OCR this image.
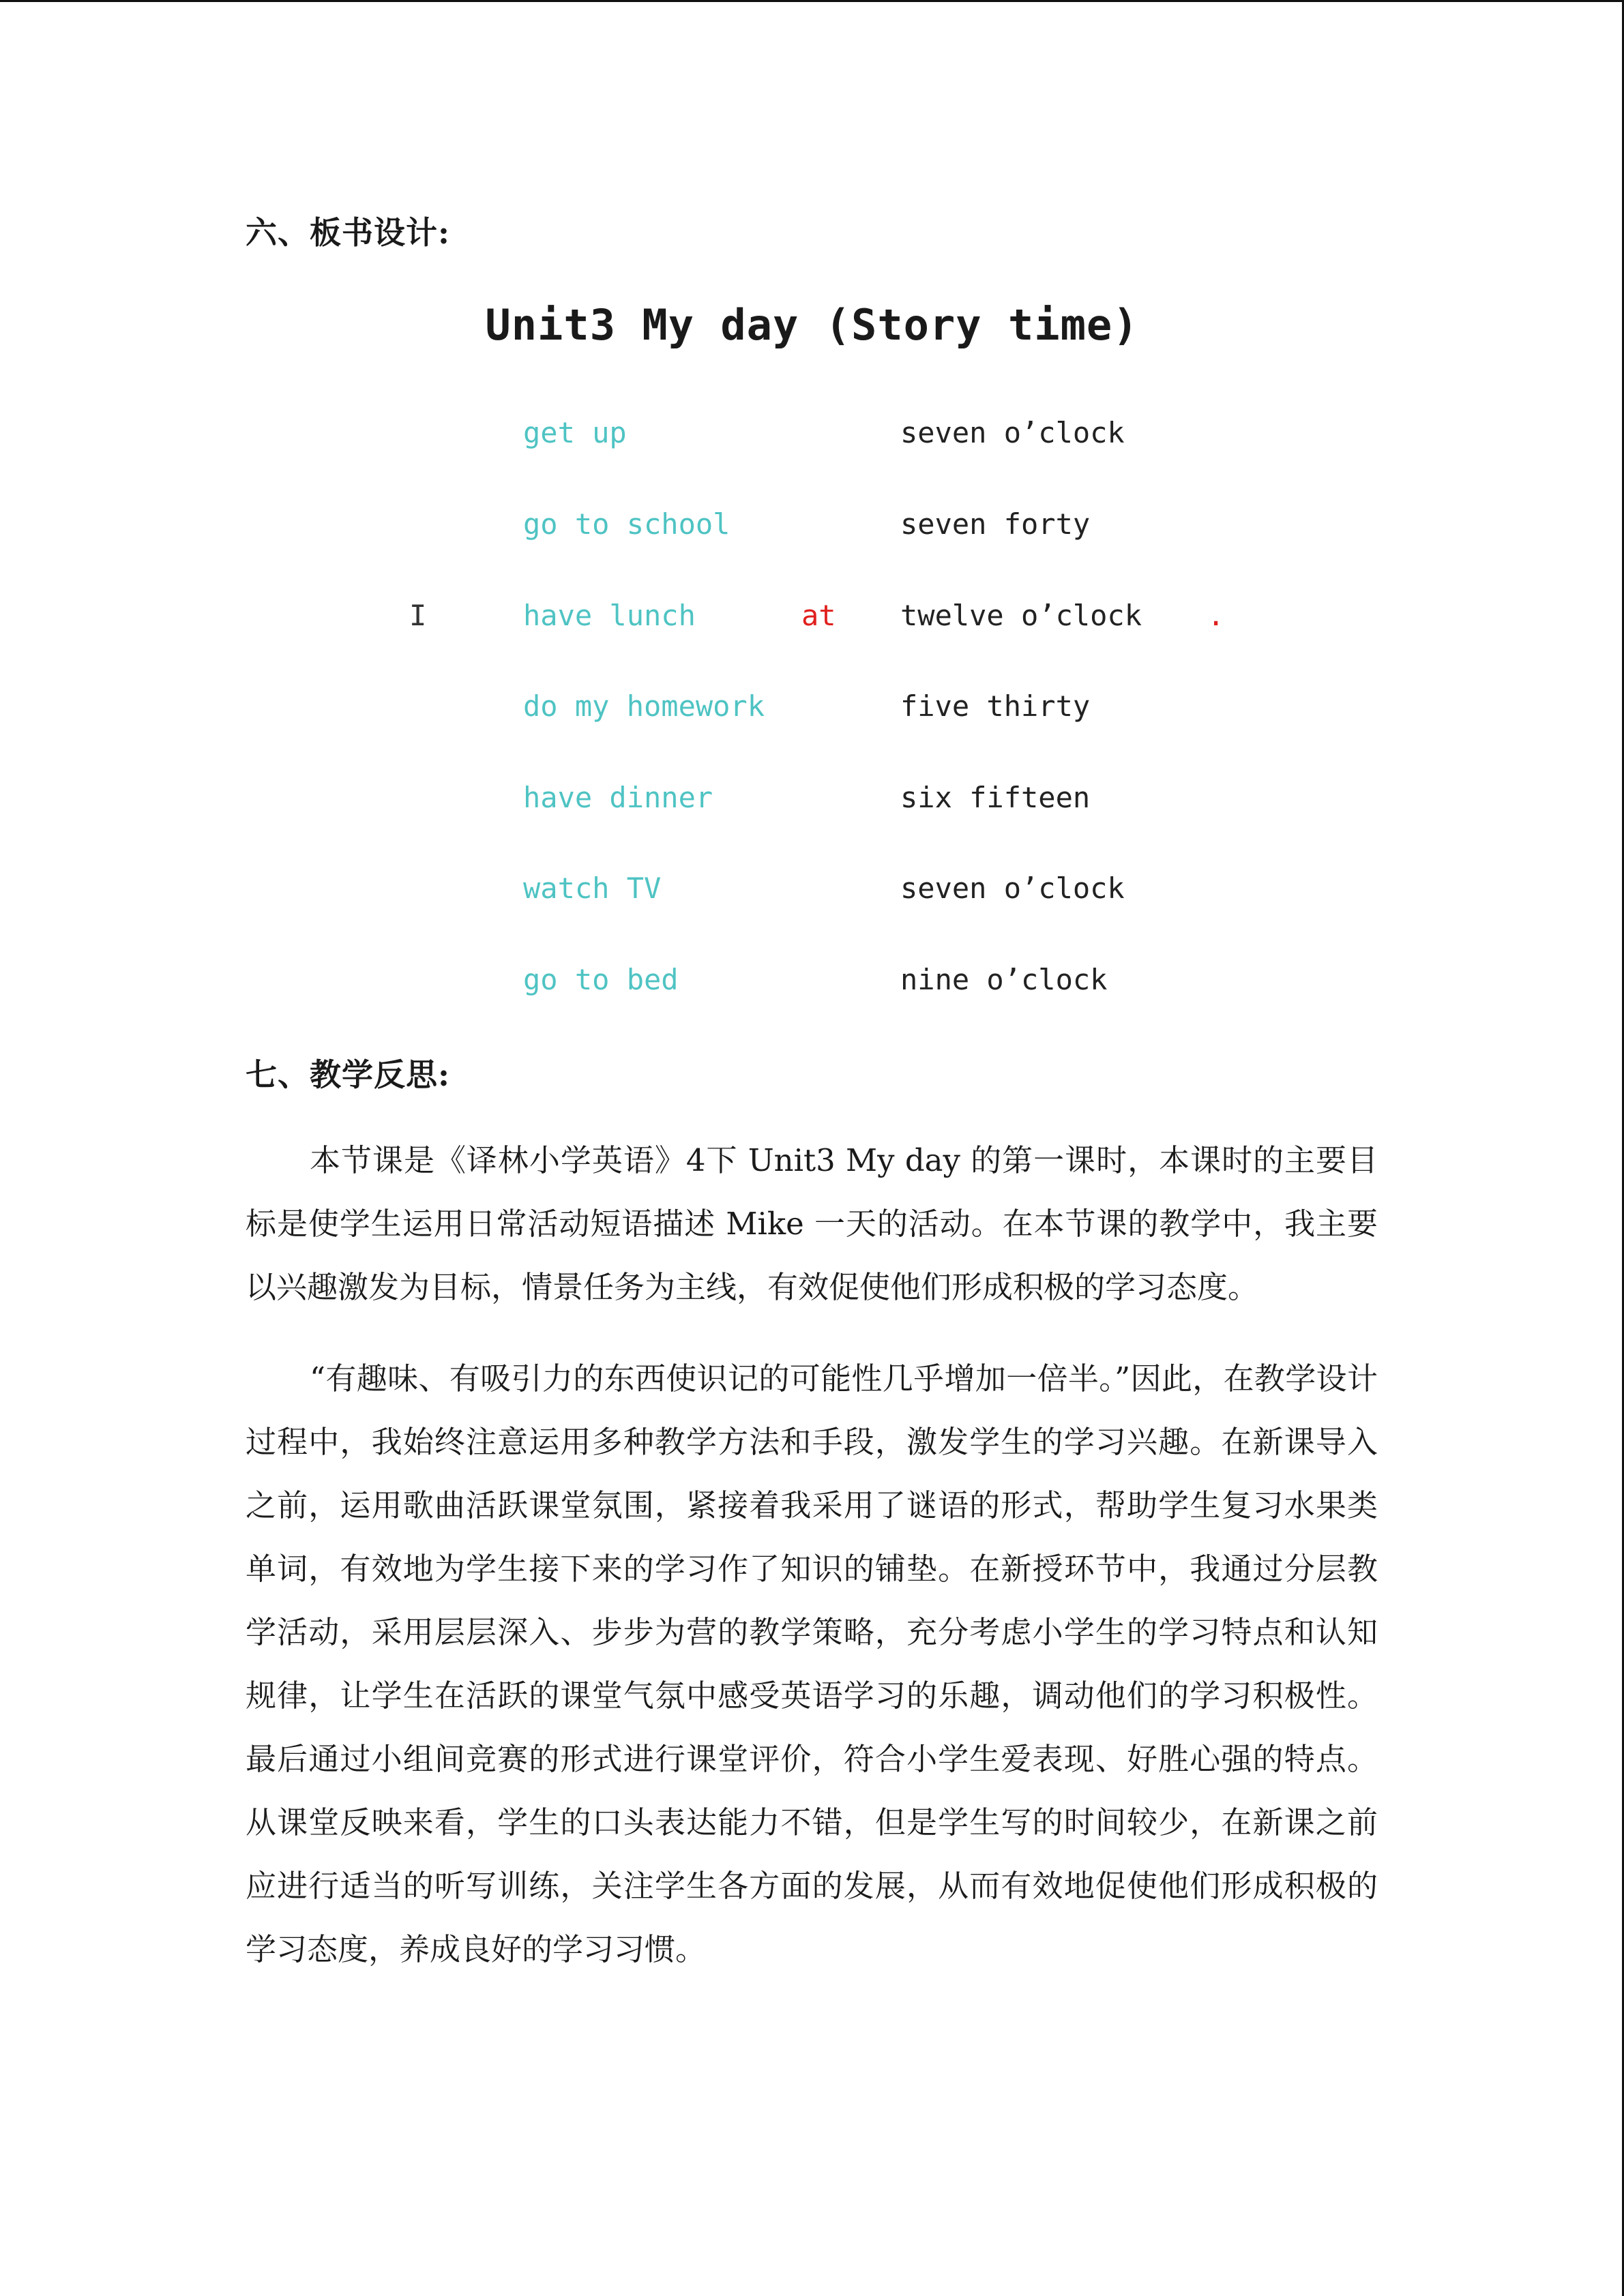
六、板书设计:
Unit3 My day (Story time)
get up	seven o’clock
go to school	seven forty
I	have lunch	at twelve o’clock .
do my homework	five thirty
have dinner	six fifteen
watch TV	seven o’clock
go to bed	nine o’clock
七、教学反思:

本节课是《译林小学英语》4下 Unit3 My day 的第一课时，本课时的主要目标是使学生运用日常活动短语描述 Mike 一天的活动。在本节课的教学中，我主要以兴趣激发为目标，情景任务为主线，有效促使他们形成积极的学习态度。

“有趣味、有吸引力的东西使识记的可能性几乎增加一倍半。”因此，在教学设计过程中，我始终注意运用多种教学方法和手段，激发学生的学习兴趣。在新课导入之前，运用歌曲活跃课堂氛围，紧接着我采用了谜语的形式，帮助学生复习水果类单词，有效地为学生接下来的学习作了知识的铺垫。在新授环节中，我通过分层教学活动，采用层层深入、步步为营的教学策略，充分考虑小学生的学习特点和认知规律，让学生在活跃的课堂气氛中感受英语学习的乐趣，调动他们的学习积极性。最后通过小组间竞赛的形式进行课堂评价，符合小学生爱表现、好胜心强的特点。从课堂反映来看，学生的口头表达能力不错，但是学生写的时间较少，在新课之前应进行适当的听写训练，关注学生各方面的发展，从而有效地促使他们形成积极的学习态度，养成良好的学习习惯。
